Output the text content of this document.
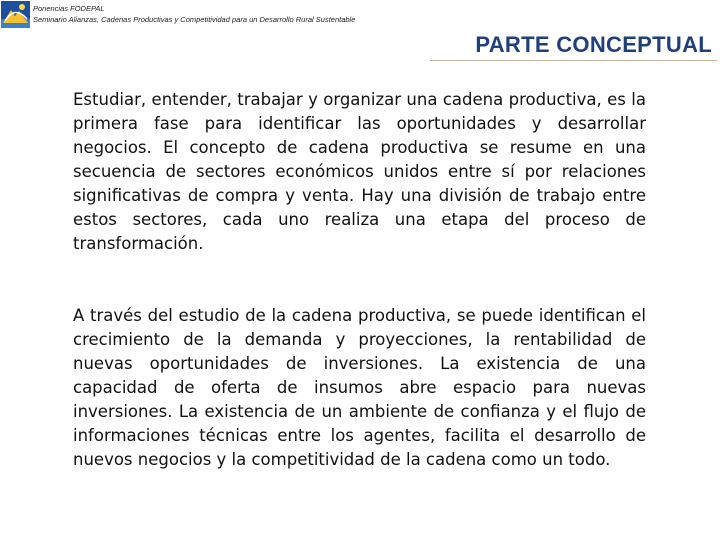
Ponencias FODEPAL
Seminario Alianzas, Cadenas Productivas y Competitividad para un Desarrollo Rural Sustentable
PARTE CONCEPTUAL

Estudiar, entender, trabajar y organizar una cadena productiva, es la primera fase para identificar las oportunidades y desarrollar negocios. El concepto de cadena productiva se resume en una secuencia de sectores económicos unidos entre sí por relaciones significativas de compra y venta. Hay una división de trabajo entre estos sectores, cada uno realiza una etapa del proceso de transformación.

A través del estudio de la cadena productiva, se puede identifican el crecimiento de la demanda y proyecciones, la rentabilidad de nuevas oportunidades de inversiones. La existencia de una capacidad de oferta de insumos abre espacio para nuevas inversiones. La existencia de un ambiente de confianza y el flujo de informaciones técnicas entre los agentes, facilita el desarrollo de nuevos negocios y la competitividad de la cadena como un todo.
